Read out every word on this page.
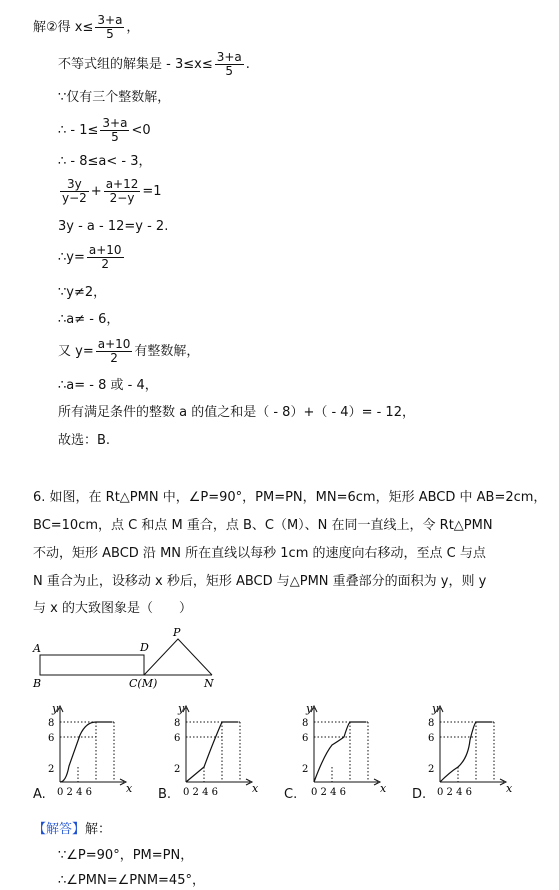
解②得 $x\le \frac{3+a}{5}$ ，
不等式组的解集是 - $3\le x\le \frac{3+a}{5}$ .
∵仅有三个整数解，
∴ - $1\le \frac{3+a}{5} <0$
∴ - 8≤a< - 3，
$\frac{3y}{y-2} + \frac{a+12}{2-y} =1$
3y - a - 12=y - 2.
∴y= $\frac{a+10}{2}$
∵y≠2，
∴a≠ - 6，
又 $y= \frac{a+10}{2}$ 有整数解，
∴a= - 8 或 - 4，
所有满足条件的整数 a 的值之和是（ - 8）+（ - 4）= - 12，
故选：B.
6. 如图，在 Rt△PMN 中，∠P=90°，PM=PN，MN=6cm，矩形 ABCD 中 AB=2cm，
BC=10cm，点 C 和点 M 重合，点 B、C（M）、N 在同一直线上，令 Rt△PMN
不动，矩形 ABCD 沿 MN 所在直线以每秒 1cm 的速度向右移动，至点 C 与点
N 重合为止，设移动 x 秒后，矩形 ABCD 与△PMN 重叠部分的面积为 y，则 y
与 x 的大致图象是（　　）
A
B
D
P
C(M)	N
y
8
6
2
0 2 4 6	x
y
8
6
2
0 2 4 6	x
y
8
6
2
0 2 4 6	x
y
8
6
2
0 2 4 6	x
A.	B.	C.	D.
【解答】解：
∵∠P=90°，PM=PN，
∴∠PMN=∠PNM=45°，
